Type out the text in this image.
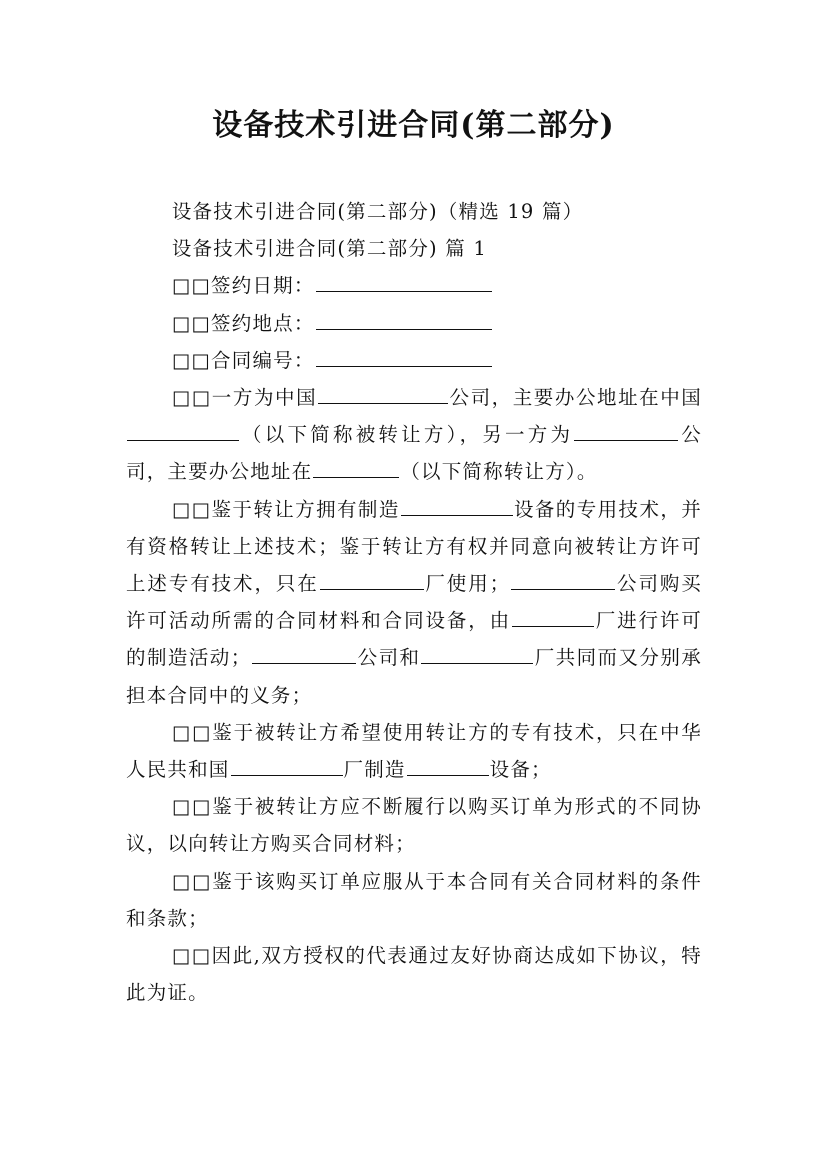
设备技术引进合同(第二部分)

设备技术引进合同(第二部分)（精选 19 篇）

设备技术引进合同(第二部分) 篇 1

□□签约日期：

□□签约地点：

□□合同编号：

□□一方为中国	公司，主要办公地址在中国（以下简称被转让方），另一方为	公司，主要办公地址在	（以下简称转让方）。

□□鉴于转让方拥有制造	设备的专用技术，并有资格转让上述技术；鉴于转让方有权并同意向被转让方许可上述专有技术，只在	厂使用；	公司购买许可活动所需的合同材料和合同设备，由	厂进行许可的制造活动；	公司和	厂共同而又分别承担本合同中的义务；

□□鉴于被转让方希望使用转让方的专有技术，只在中华人民共和国	厂制造	设备；

□□鉴于被转让方应不断履行以购买订单为形式的不同协议，以向转让方购买合同材料；

□□鉴于该购买订单应服从于本合同有关合同材料的条件和条款；

□□因此,双方授权的代表通过友好协商达成如下协议，特此为证。
